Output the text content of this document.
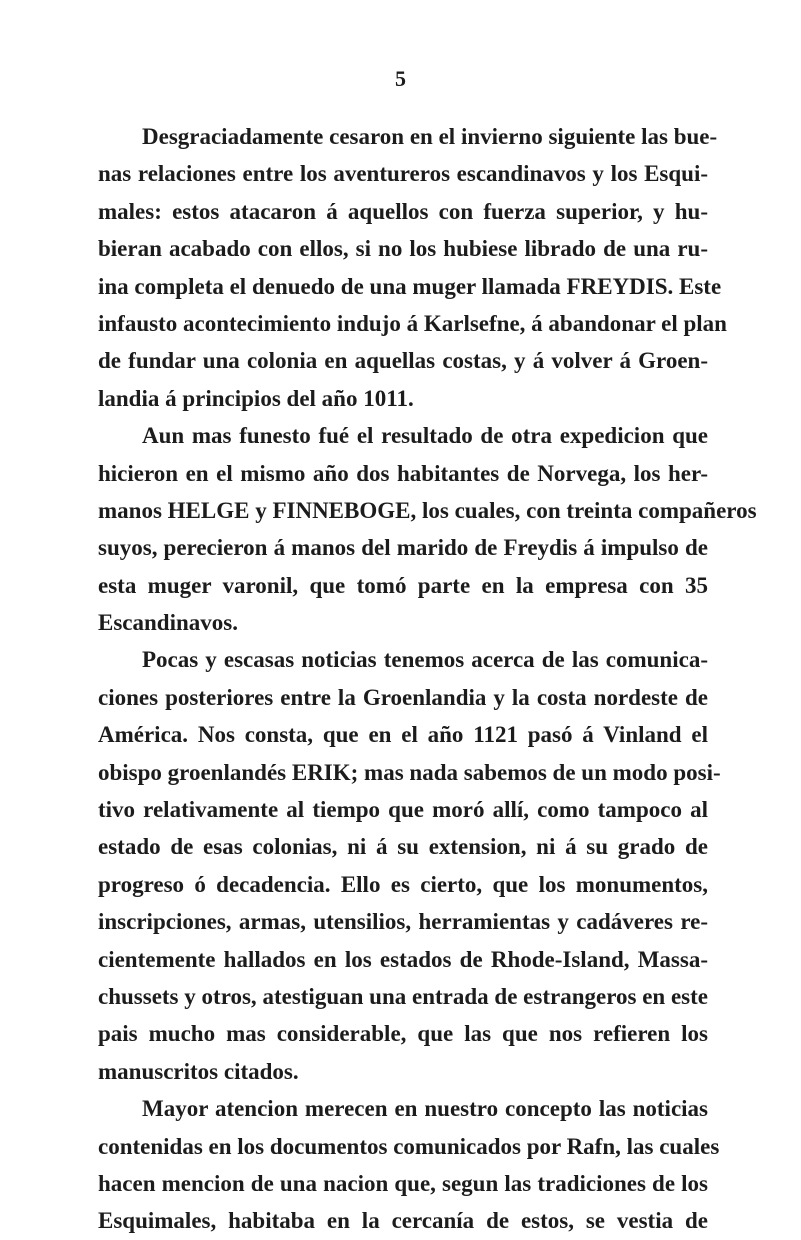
5
Desgraciadamente cesaron en el invierno siguiente las bue-
nas relaciones entre los aventureros escandinavos y los Esqui-
males: estos atacaron á aquellos con fuerza superior, y hu-
bieran acabado con ellos, si no los hubiese librado de una ru-
ina completa el denuedo de una muger llamada FREYDIS. Este
infausto acontecimiento indujo á Karlsefne, á abandonar el plan
de fundar una colonia en aquellas costas, y á volver á Groen-
landia á principios del año 1011.
Aun mas funesto fué el resultado de otra expedicion que
hicieron en el mismo año dos habitantes de Norvega, los her-
manos HELGE y FINNEBOGE, los cuales, con treinta compañeros
suyos, perecieron á manos del marido de Freydis á impulso de
esta muger varonil, que tomó parte en la empresa con 35
Escandinavos.
Pocas y escasas noticias tenemos acerca de las comunica-
ciones posteriores entre la Groenlandia y la costa nordeste de
América. Nos consta, que en el año 1121 pasó á Vinland el
obispo groenlandés ERIK; mas nada sabemos de un modo posi-
tivo relativamente al tiempo que moró allí, como tampoco al
estado de esas colonias, ni á su extension, ni á su grado de
progreso ó decadencia. Ello es cierto, que los monumentos,
inscripciones, armas, utensilios, herramientas y cadáveres re-
cientemente hallados en los estados de Rhode-Island, Massa-
chussets y otros, atestiguan una entrada de estrangeros en este
pais mucho mas considerable, que las que nos refieren los
manuscritos citados.
Mayor atencion merecen en nuestro concepto las noticias
contenidas en los documentos comunicados por Rafn, las cuales
hacen mencion de una nacion que, segun las tradiciones de los
Esquimales, habitaba en la cercanía de estos, se vestia de
